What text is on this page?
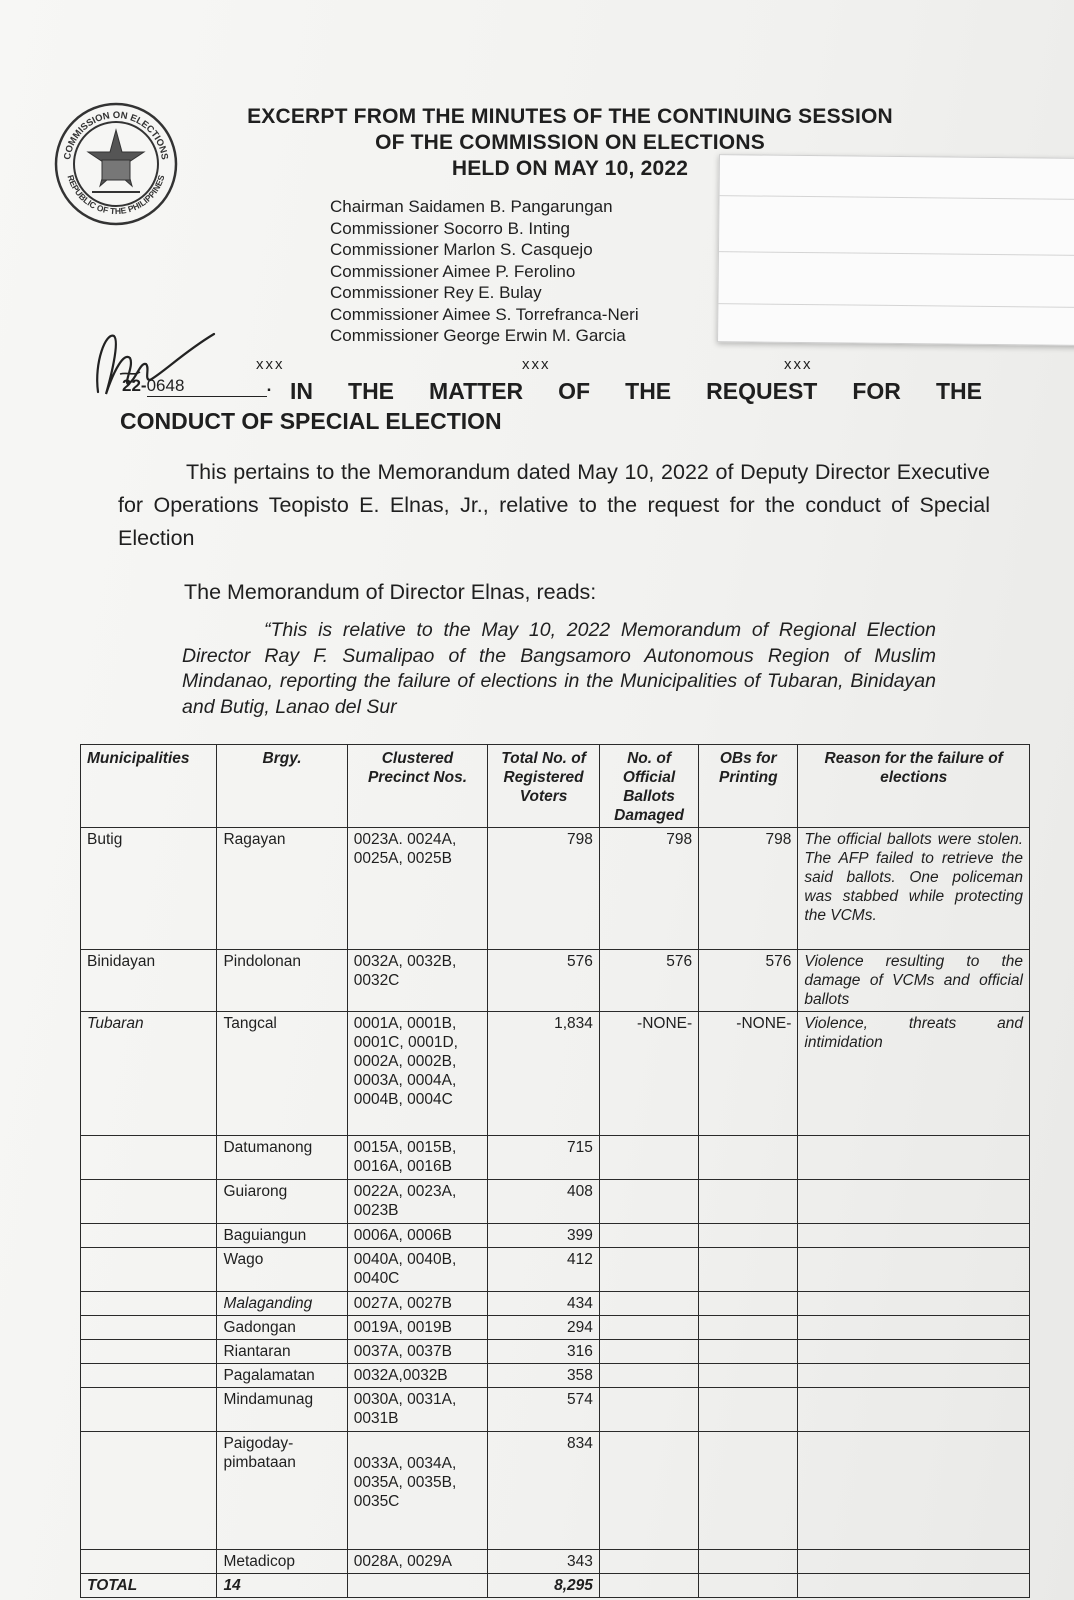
COMMISSION ON ELECTIONS
REPUBLIC OF THE PHILIPPINES
EXCERPT FROM THE MINUTES OF THE CONTINUING SESSION
OF THE COMMISSION ON ELECTIONS
HELD ON MAY 10, 2022
Chairman Saidamen B. Pangarungan
Commissioner Socorro B. Inting
Commissioner Marlon S. Casquejo
Commissioner Aimee P. Ferolino
Commissioner Rey E. Bulay
Commissioner Aimee S. Torrefranca-Neri
Commissioner George Erwin M. Garcia
xxx	xxx	xxx
22-0648	. IN THE MATTER OF THE REQUEST FOR THE
CONDUCT OF SPECIAL ELECTION
This pertains to the Memorandum dated May 10, 2022 of Deputy Director Executive for Operations Teopisto E. Elnas, Jr., relative to the request for the conduct of Special Election
The Memorandum of Director Elnas, reads:
“This is relative to the May 10, 2022 Memorandum of Regional Election Director Ray F. Sumalipao of the Bangsamoro Autonomous Region of Muslim Mindanao, reporting the failure of elections in the Municipalities of Tubaran, Binidayan and Butig, Lanao del Sur
Municipalities	Brgy.	Clustered Precinct Nos.	Total No. of Registered Voters	No. of Official Ballots Damaged	OBs for Printing	Reason for the failure of elections
Butig	Ragayan	0023A. 0024A, 0025A, 0025B	798	798	798	The official ballots were stolen. The AFP failed to retrieve the said ballots. One policeman was stabbed while protecting the VCMs.
Binidayan	Pindolonan	0032A, 0032B, 0032C	576	576	576	Violence resulting to the damage of VCMs and official ballots
Tubaran	Tangcal	0001A, 0001B, 0001C, 0001D, 0002A, 0002B, 0003A, 0004A, 0004B, 0004C	1,834	-NONE-	-NONE-	Violence, threats and intimidation
	Datumanong	0015A, 0015B, 0016A, 0016B	715			
	Guiarong	0022A, 0023A, 0023B	408			
	Baguiangun	0006A, 0006B	399			
	Wago	0040A, 0040B, 0040C	412			
	Malaganding	0027A, 0027B	434			
	Gadongan	0019A, 0019B	294			
	Riantaran	0037A, 0037B	316			
	Pagalamatan	0032A,0032B	358			
	Mindamunag	0030A, 0031A, 0031B	574			
	Paigoday-pimbataan	0033A, 0034A, 0035A, 0035B, 0035C	834			
	Metadicop	0028A, 0029A	343			
TOTAL	14		8,295			
